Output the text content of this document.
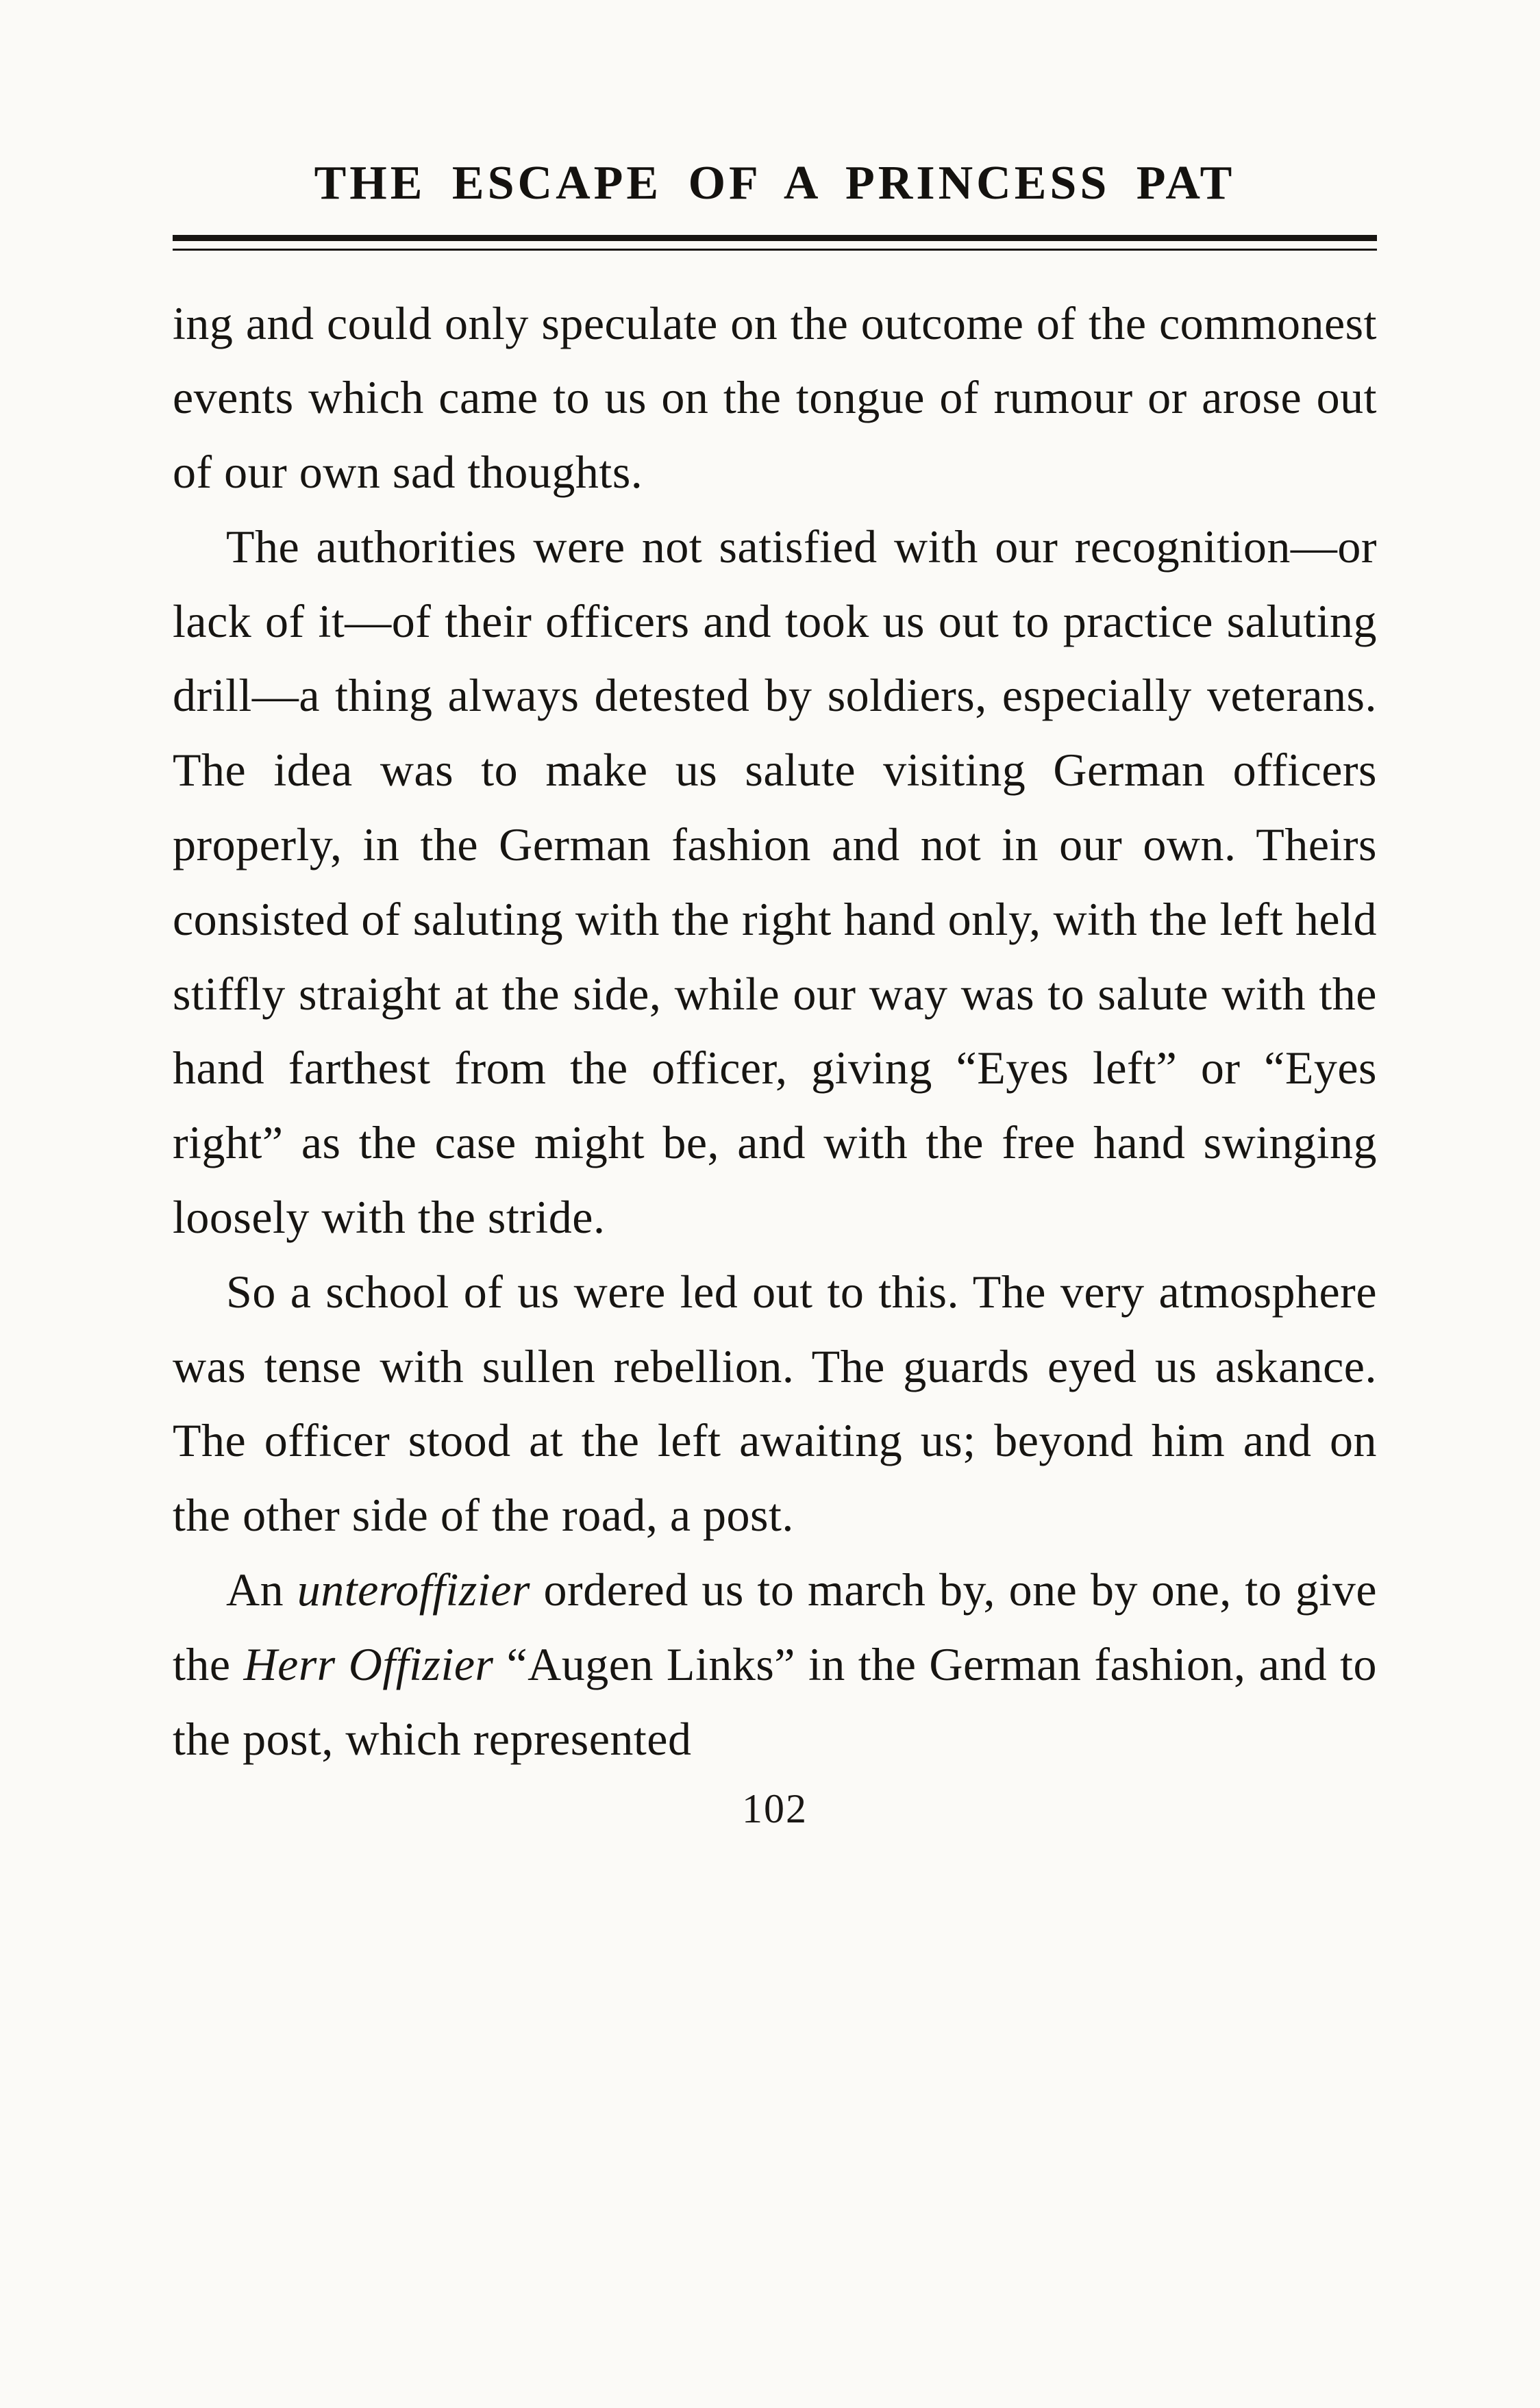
THE ESCAPE OF A PRINCESS PAT

ing and could only speculate on the outcome of the commonest events which came to us on the tongue of rumour or arose out of our own sad thoughts.

The authorities were not satisfied with our recognition—or lack of it—of their officers and took us out to practice saluting drill—a thing always detested by soldiers, especially veterans. The idea was to make us salute visiting German officers properly, in the German fashion and not in our own. Theirs consisted of saluting with the right hand only, with the left held stiffly straight at the side, while our way was to salute with the hand farthest from the officer, giving “Eyes left” or “Eyes right” as the case might be, and with the free hand swinging loosely with the stride.

So a school of us were led out to this. The very atmosphere was tense with sullen rebellion. The guards eyed us askance. The officer stood at the left awaiting us; beyond him and on the other side of the road, a post.

An unteroffizier ordered us to march by, one by one, to give the Herr Offizier “Augen Links” in the German fashion, and to the post, which represented

102
